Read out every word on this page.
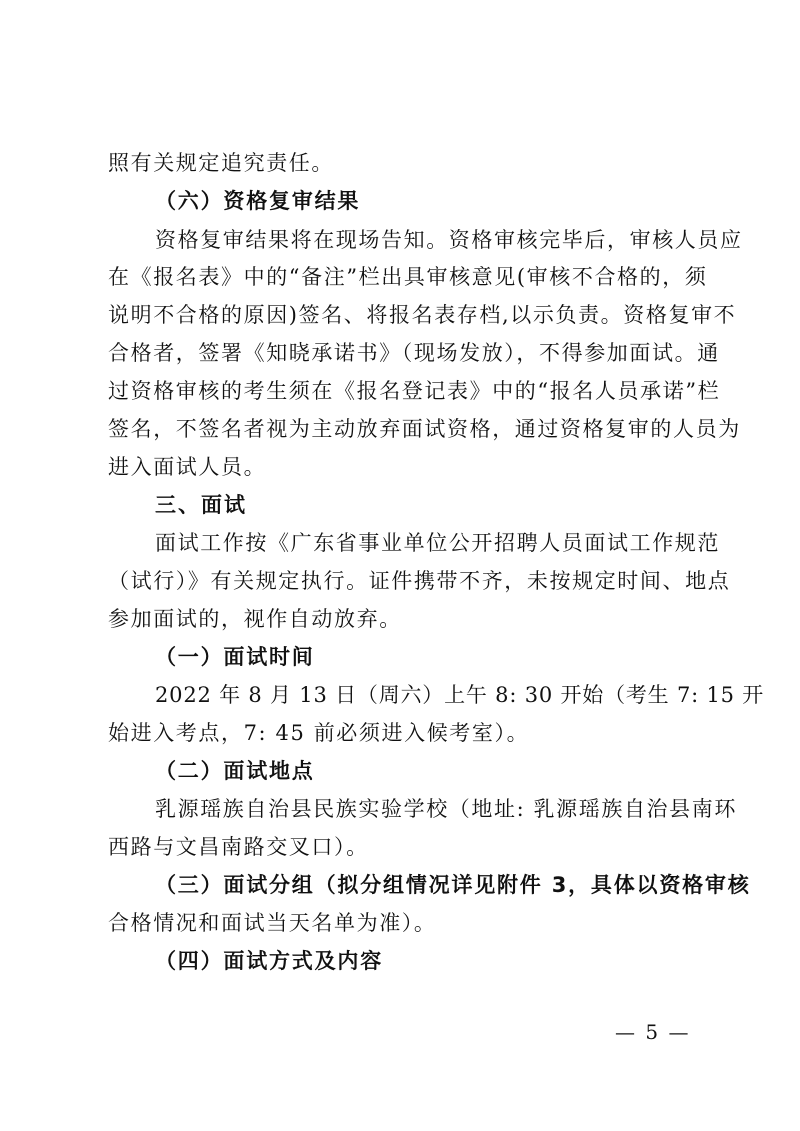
照有关规定追究责任。
（六）资格复审结果
资格复审结果将在现场告知。资格审核完毕后，审核人员应
在《报名表》中的“备注”栏出具审核意见(审核不合格的，须
说明不合格的原因)签名、将报名表存档,以示负责。资格复审不
合格者，签署《知晓承诺书》（现场发放），不得参加面试。通
过资格审核的考生须在《报名登记表》中的“报名人员承诺”栏
签名，不签名者视为主动放弃面试资格，通过资格复审的人员为
进入面试人员。
三、面试
面试工作按《广东省事业单位公开招聘人员面试工作规范
（试行）》有关规定执行。证件携带不齐，未按规定时间、地点
参加面试的，视作自动放弃。
（一）面试时间
2022 年 8 月 13 日（周六）上午 8: 30 开始（考生 7: 15 开
始进入考点，7: 45 前必须进入候考室）。
（二）面试地点
乳源瑶族自治县民族实验学校（地址: 乳源瑶族自治县南环
西路与文昌南路交叉口）。
（三）面试分组（拟分组情况详见附件 3，具体以资格审核
合格情况和面试当天名单为准）。
（四）面试方式及内容
— 5 —
